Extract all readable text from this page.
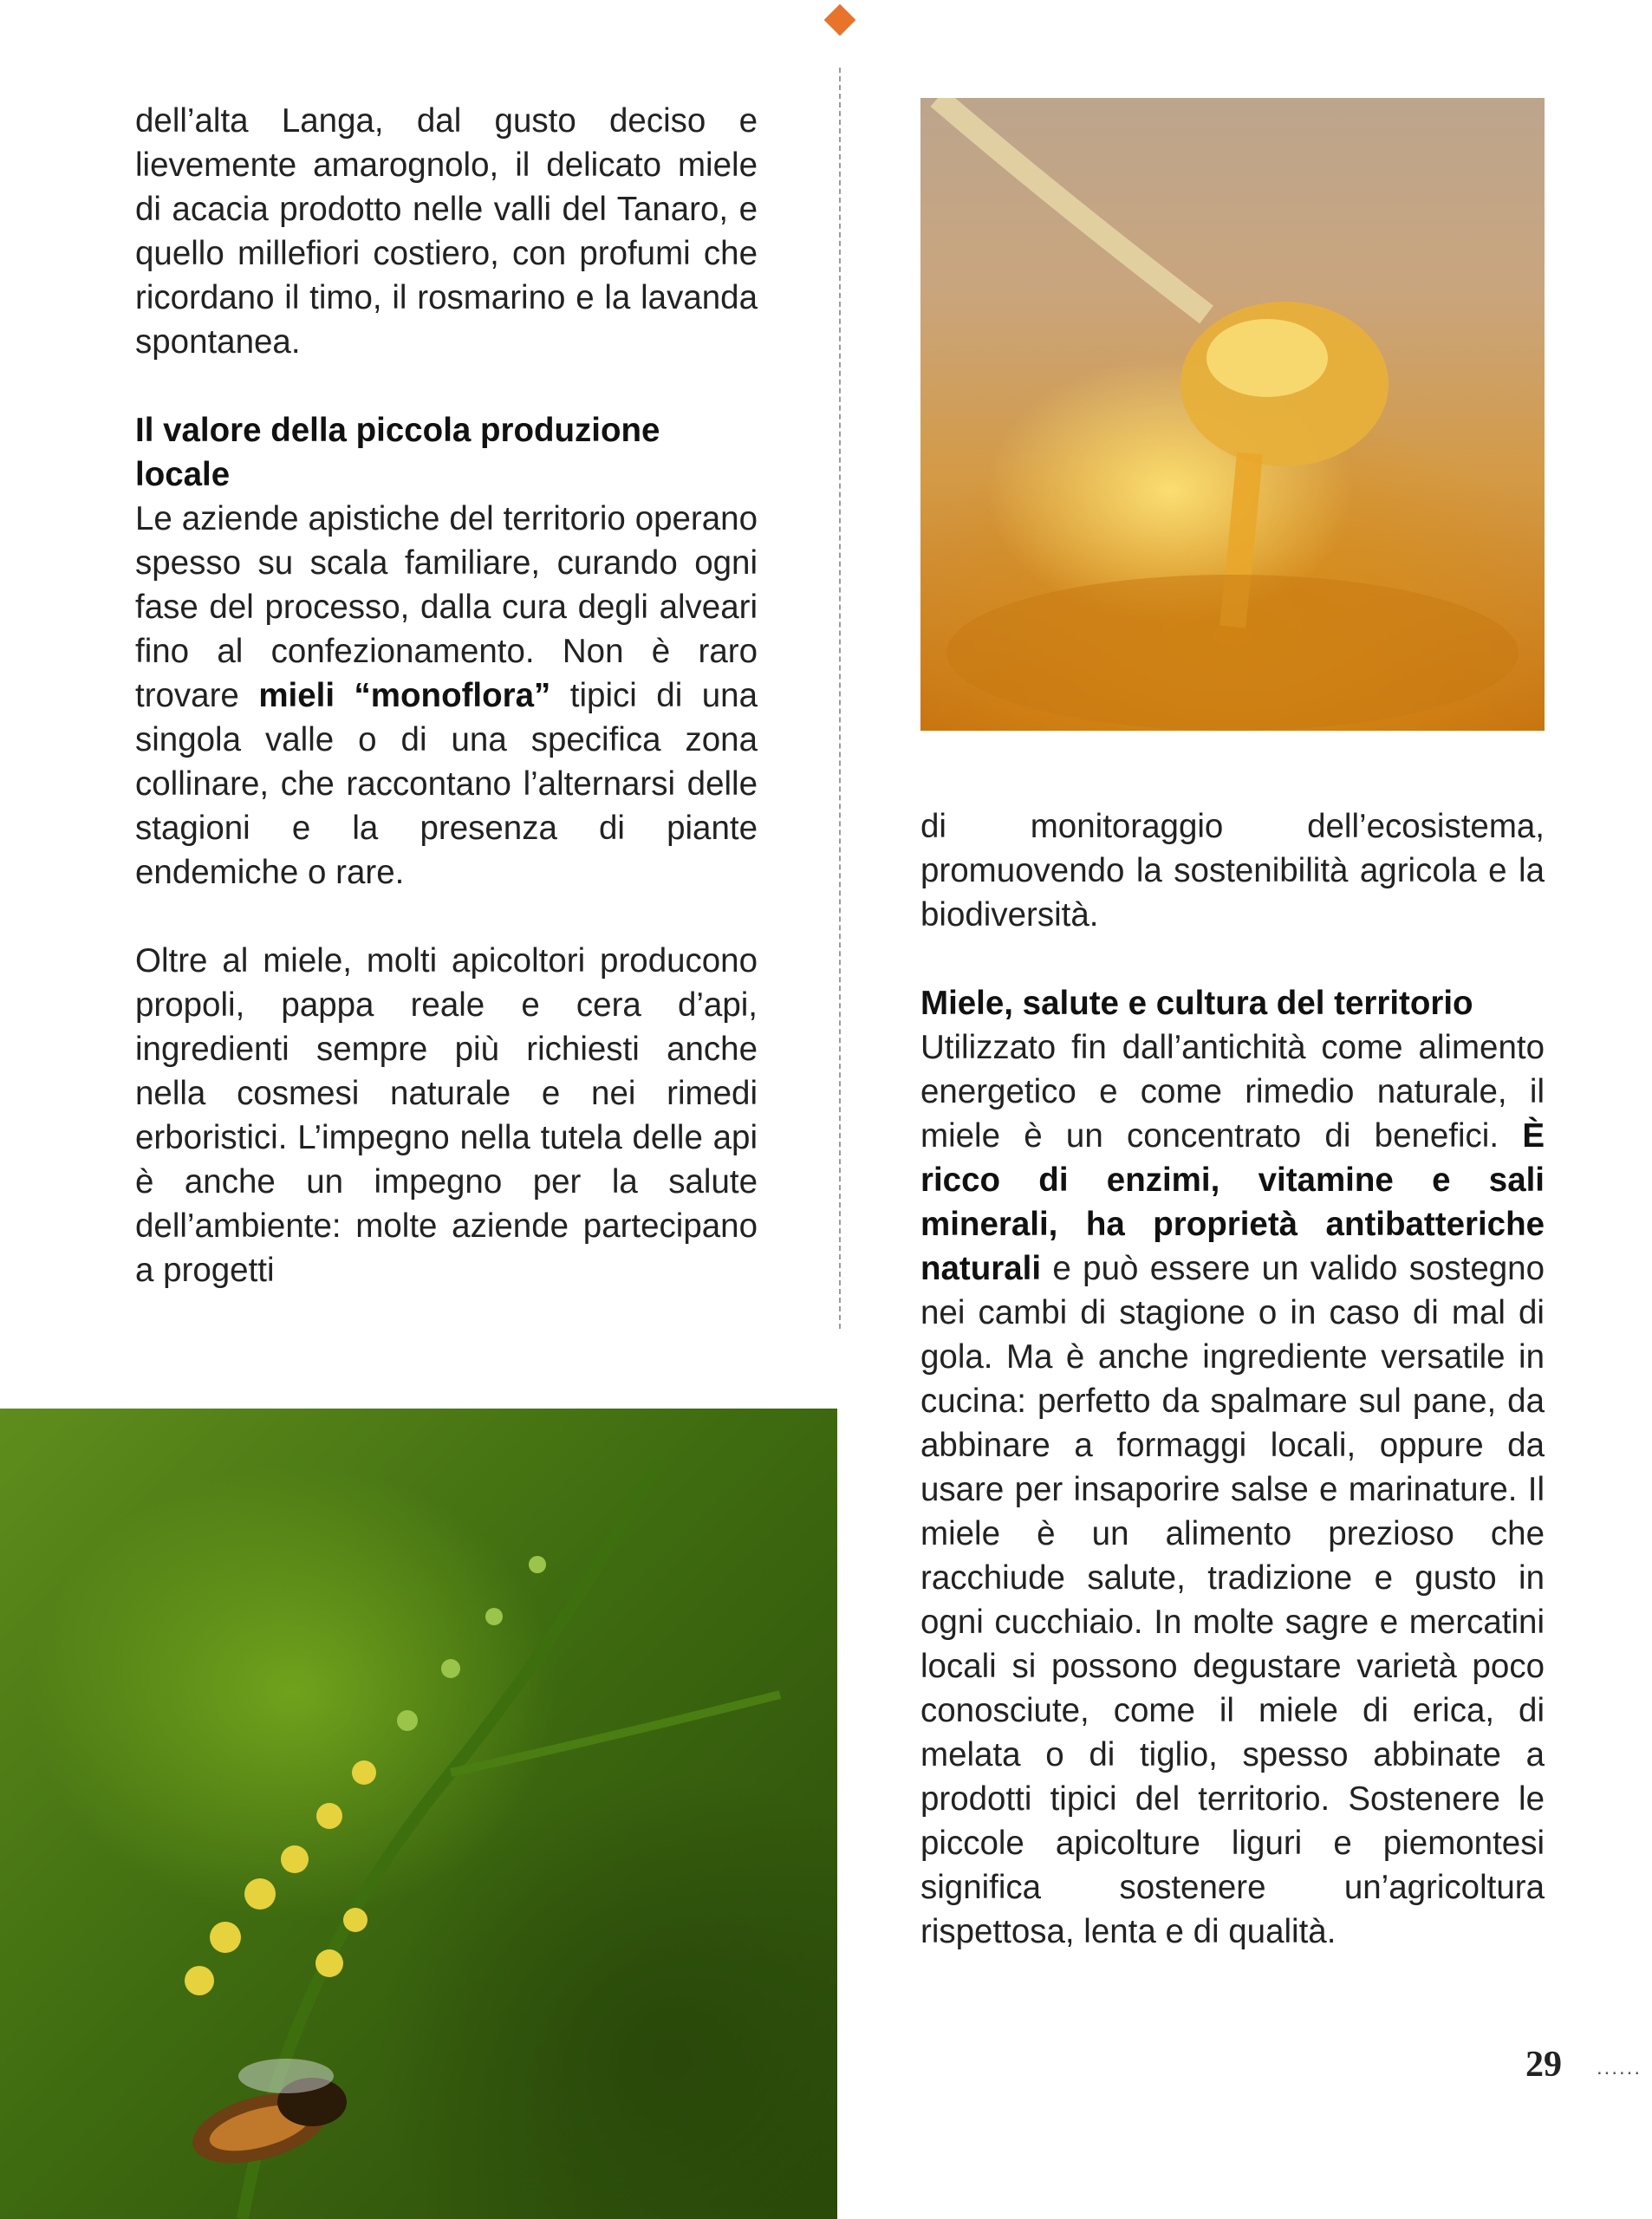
dell’alta Langa, dal gusto deciso e lievemente amarognolo, il delicato miele di acacia prodotto nelle valli del Tanaro, e quello millefiori costiero, con profumi che ricordano il timo, il rosmarino e la lavanda spontanea.

Il valore della piccola produzione locale

Le aziende apistiche del territorio operano spesso su scala familiare, curando ogni fase del processo, dalla cura degli alveari fino al confezionamento. Non è raro trovare mieli “monoflora” tipici di una singola valle o di una specifica zona collinare, che raccontano l’alternarsi delle stagioni e la presenza di piante endemiche o rare.

Oltre al miele, molti apicoltori producono propoli, pappa reale e cera d’api, ingredienti sempre più richiesti anche nella cosmesi naturale e nei rimedi erboristici. L’impegno nella tutela delle api è anche un impegno per la salute dell’ambiente: molte aziende partecipano a progetti

di monitoraggio dell’ecosistema, promuovendo la sostenibilità agricola e la biodiversità.

Miele, salute e cultura del territorio

Utilizzato fin dall’antichità come alimento energetico e come rimedio naturale, il miele è un concentrato di benefici. È ricco di enzimi, vitamine e sali minerali, ha proprietà antibatteriche naturali e può essere un valido sostegno nei cambi di stagione o in caso di mal di gola. Ma è anche ingrediente versatile in cucina: perfetto da spalmare sul pane, da abbinare a formaggi locali, oppure da usare per insaporire salse e marinature. Il miele è un alimento prezioso che racchiude salute, tradizione e gusto in ogni cucchiaio. In molte sagre e mercatini locali si possono degustare varietà poco conosciute, come il miele di erica, di melata o di tiglio, spesso abbinate a prodotti tipici del territorio. Sostenere le piccole apicolture liguri e piemontesi significa sostenere un’agricoltura rispettosa, lenta e di qualità.

29 ......
